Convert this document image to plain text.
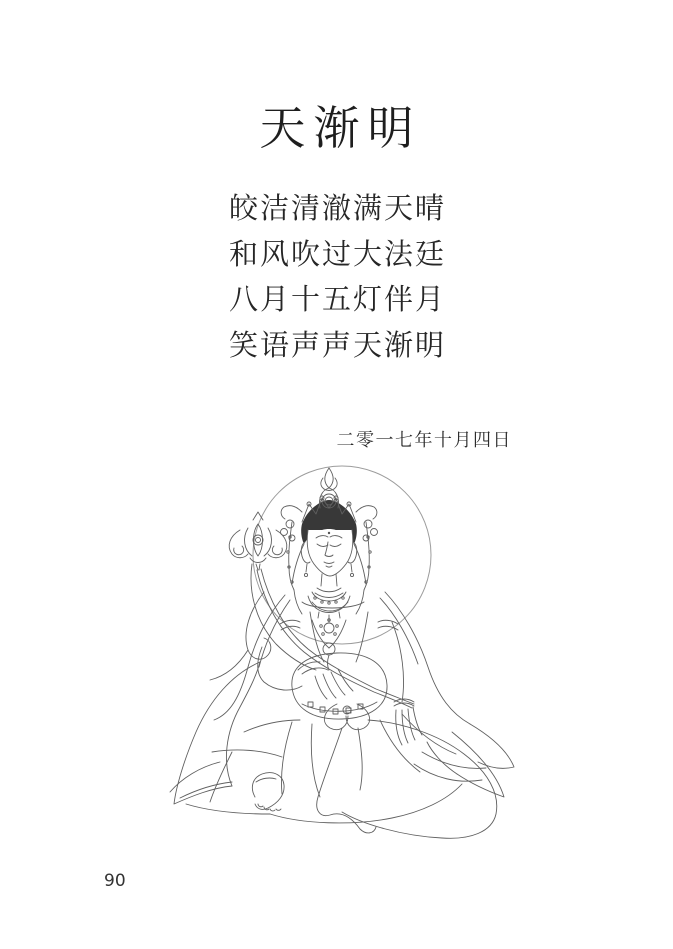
天渐明
皎洁清澈满天晴
和风吹过大法廷
八月十五灯伴月
笑语声声天渐明
二零一七年十月四日
90
